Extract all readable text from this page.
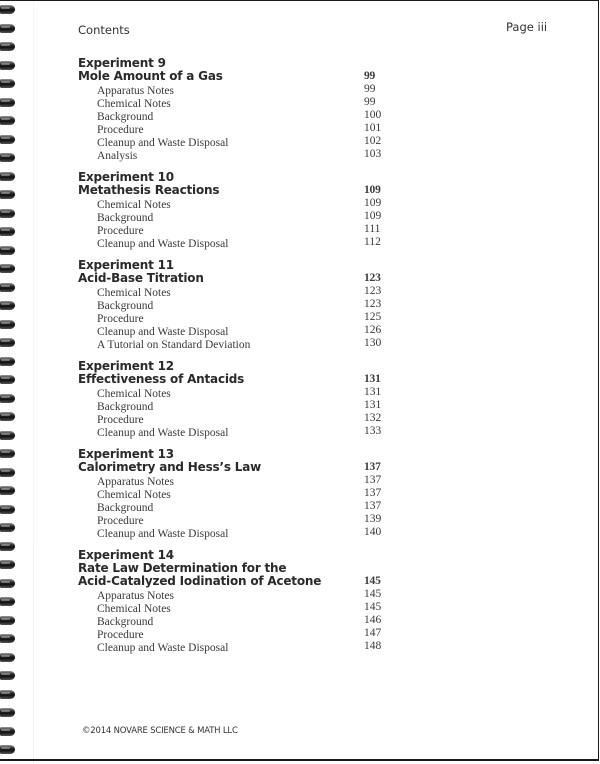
Contents	Page iii
Experiment 9
Mole Amount of a Gas	99
Apparatus Notes	99
Chemical Notes	99
Background	100
Procedure	101
Cleanup and Waste Disposal	102
Analysis	103
Experiment 10
Metathesis Reactions	109
Chemical Notes	109
Background	109
Procedure	111
Cleanup and Waste Disposal	112
Experiment 11
Acid-Base Titration	123
Chemical Notes	123
Background	123
Procedure	125
Cleanup and Waste Disposal	126
A Tutorial on Standard Deviation	130
Experiment 12
Effectiveness of Antacids	131
Chemical Notes	131
Background	131
Procedure	132
Cleanup and Waste Disposal	133
Experiment 13
Calorimetry and Hess’s Law	137
Apparatus Notes	137
Chemical Notes	137
Background	137
Procedure	139
Cleanup and Waste Disposal	140
Experiment 14
Rate Law Determination for the
Acid-Catalyzed Iodination of Acetone	145
Apparatus Notes	145
Chemical Notes	145
Background	146
Procedure	147
Cleanup and Waste Disposal	148
©2014 NOVARE SCIENCE & MATH LLC
